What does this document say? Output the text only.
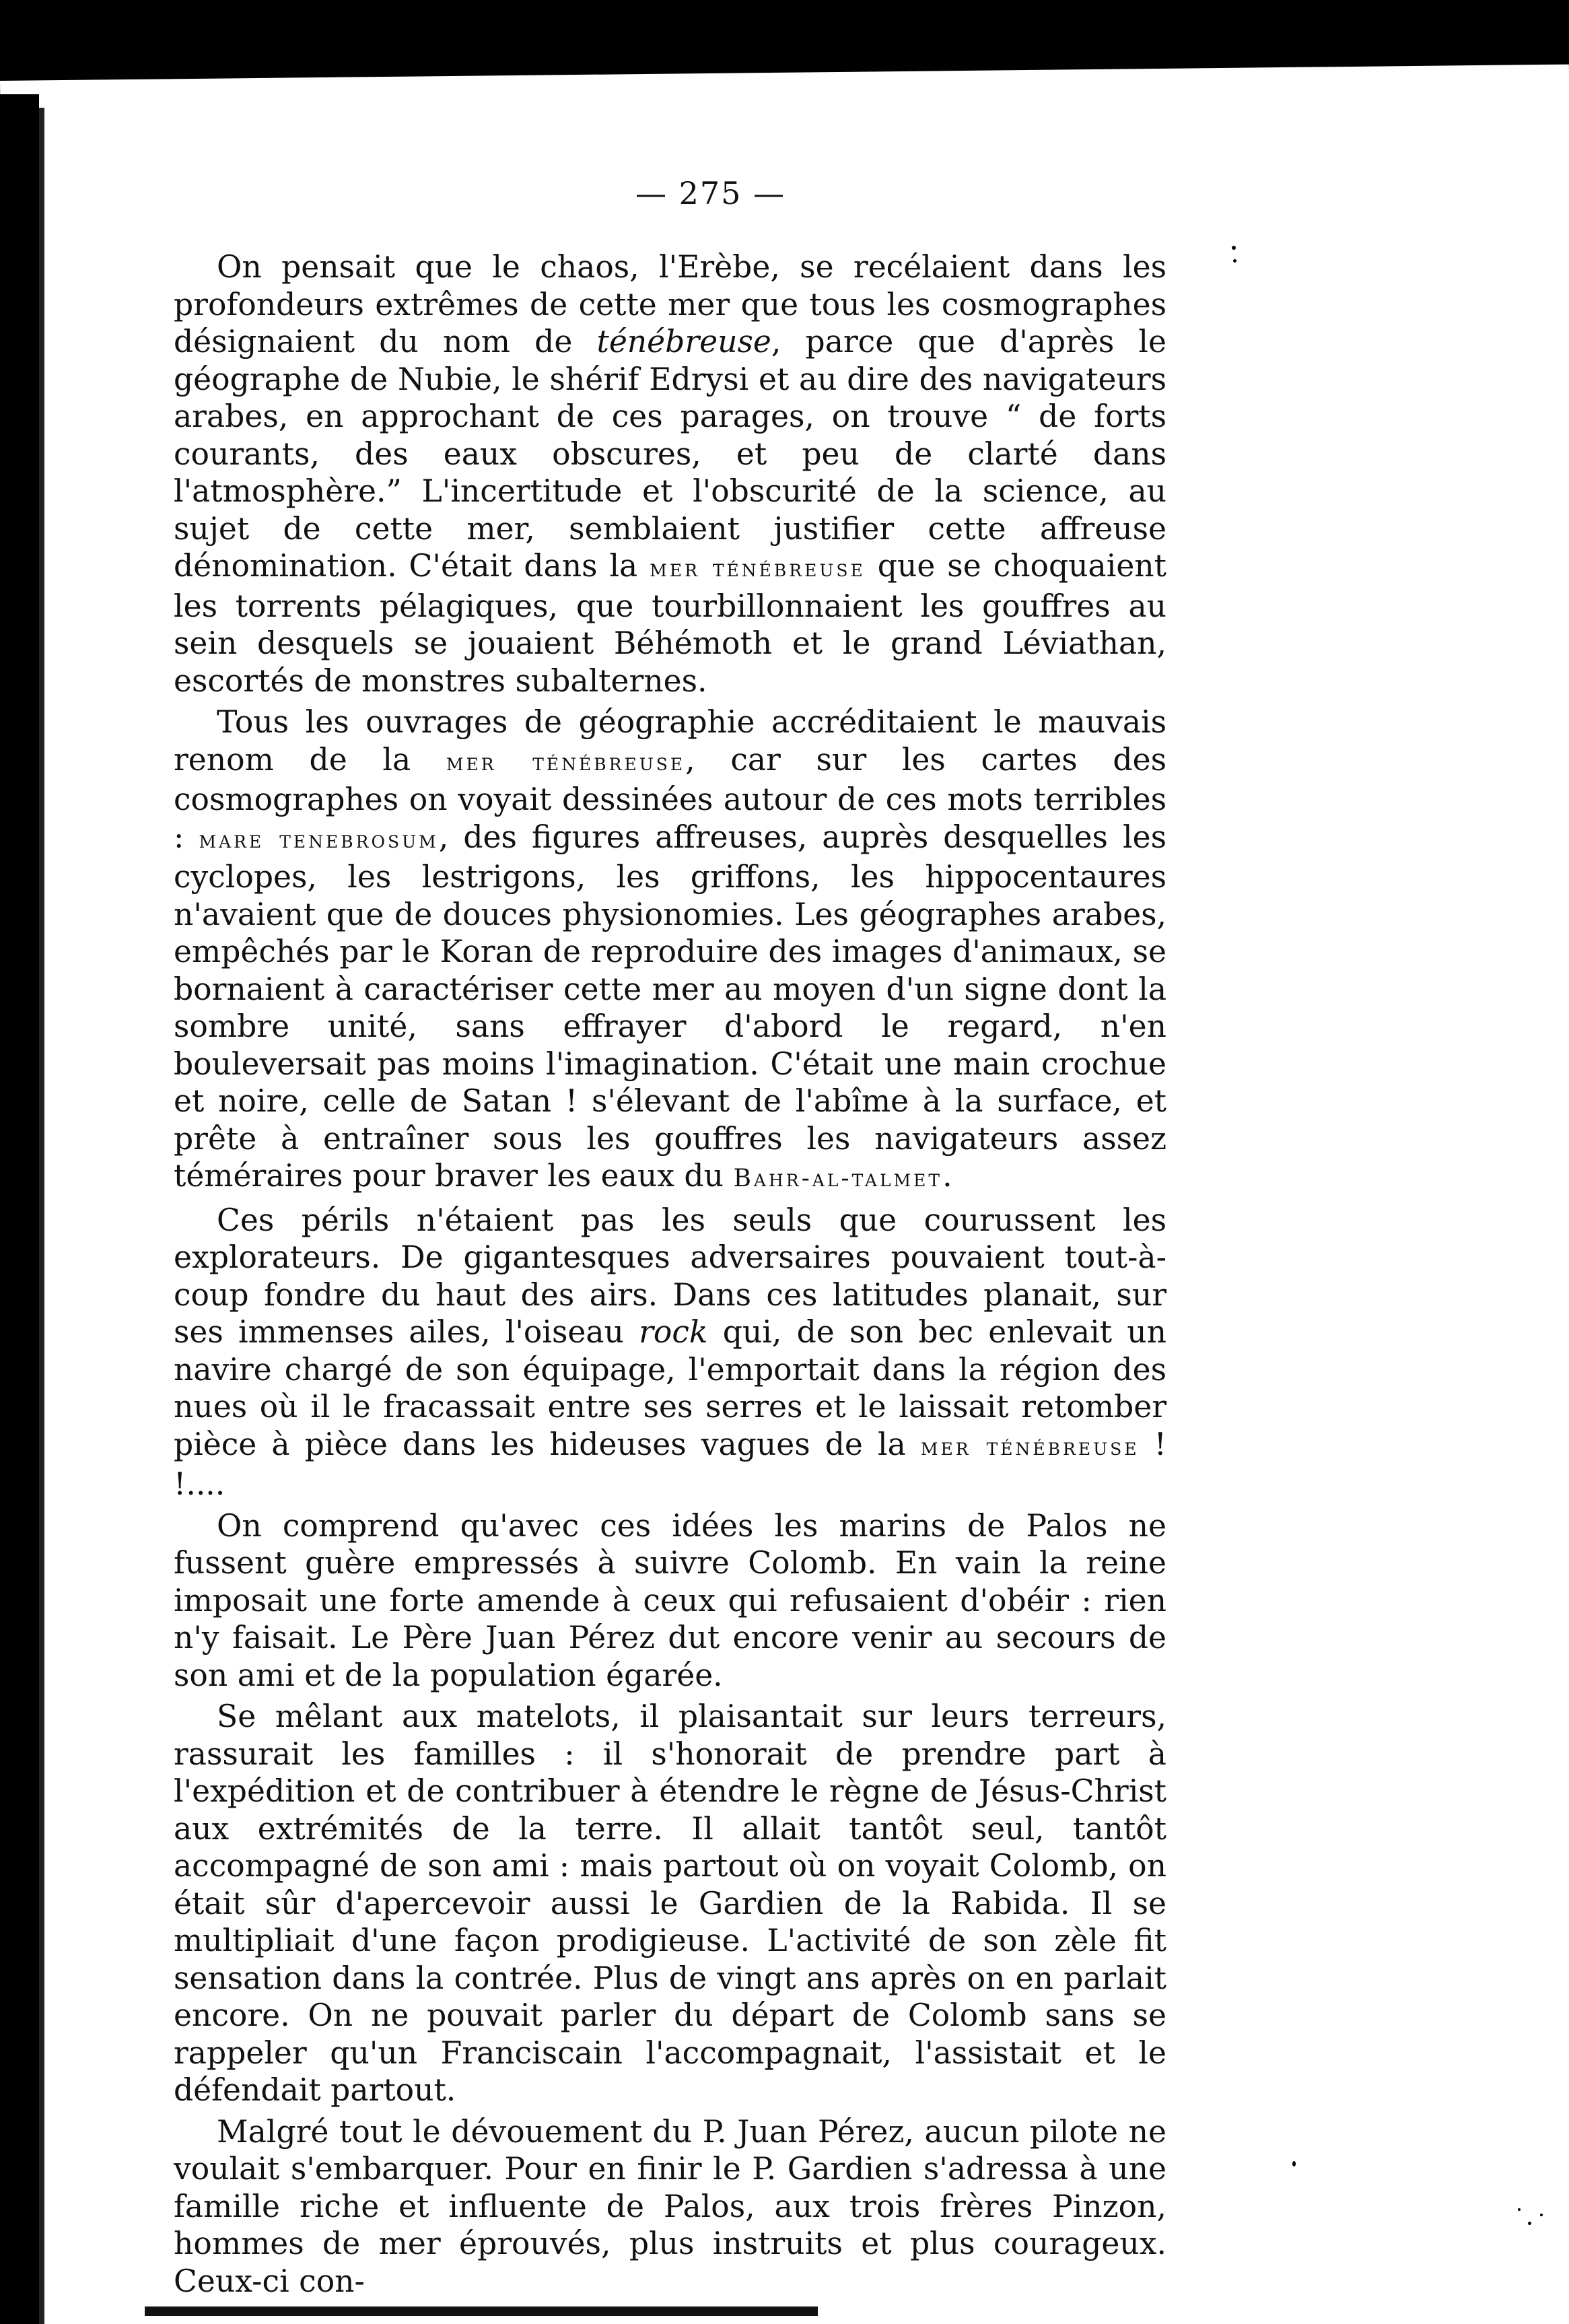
— 275 —

On pensait que le chaos, l'Erèbe, se recélaient dans les profondeurs extrêmes de cette mer que tous les cosmographes désignaient du nom de ténébreuse, parce que d'après le géographe de Nubie, le shérif Edrysi et au dire des navigateurs arabes, en approchant de ces parages, on trouve “ de forts courants, des eaux obscures, et peu de clarté dans l'atmosphère.” L'incertitude et l'obscurité de la science, au sujet de cette mer, semblaient justifier cette affreuse dénomination. C'était dans la mer ténébreuse que se choquaient les torrents pélagiques, que tourbillonnaient les gouffres au sein desquels se jouaient Béhémoth et le grand Léviathan, escortés de monstres subalternes.

Tous les ouvrages de géographie accréditaient le mauvais renom de la mer ténébreuse, car sur les cartes des cosmographes on voyait dessinées autour de ces mots terribles : mare tenebrosum, des figures affreuses, auprès desquelles les cyclopes, les lestrigons, les griffons, les hippocentaures n'avaient que de douces physionomies. Les géographes arabes, empêchés par le Koran de reproduire des images d'animaux, se bornaient à caractériser cette mer au moyen d'un signe dont la sombre unité, sans effrayer d'abord le regard, n'en bouleversait pas moins l'imagination. C'était une main crochue et noire, celle de Satan ! s'élevant de l'abîme à la surface, et prête à entraîner sous les gouffres les navigateurs assez téméraires pour braver les eaux du Bahr-al-talmet.

Ces périls n'étaient pas les seuls que courussent les explorateurs. De gigantesques adversaires pouvaient tout-à-coup fondre du haut des airs. Dans ces latitudes planait, sur ses immenses ailes, l'oiseau rock qui, de son bec enlevait un navire chargé de son équipage, l'emportait dans la région des nues où il le fracassait entre ses serres et le laissait retomber pièce à pièce dans les hideuses vagues de la mer ténébreuse ! !....

On comprend qu'avec ces idées les marins de Palos ne fussent guère empressés à suivre Colomb. En vain la reine imposait une forte amende à ceux qui refusaient d'obéir : rien n'y faisait. Le Père Juan Pérez dut encore venir au secours de son ami et de la population égarée.

Se mêlant aux matelots, il plaisantait sur leurs terreurs, rassurait les familles : il s'honorait de prendre part à l'expédition et de contribuer à étendre le règne de Jésus-Christ aux extrémités de la terre. Il allait tantôt seul, tantôt accompagné de son ami : mais partout où on voyait Colomb, on était sûr d'apercevoir aussi le Gardien de la Rabida. Il se multipliait d'une façon prodigieuse. L'activité de son zèle fit sensation dans la contrée. Plus de vingt ans après on en parlait encore. On ne pouvait parler du départ de Colomb sans se rappeler qu'un Franciscain l'accompagnait, l'assistait et le défendait partout.

Malgré tout le dévouement du P. Juan Pérez, aucun pilote ne voulait s'embarquer. Pour en finir le P. Gardien s'adressa à une famille riche et influente de Palos, aux trois frères Pinzon, hommes de mer éprouvés, plus instruits et plus courageux. Ceux-ci con-
